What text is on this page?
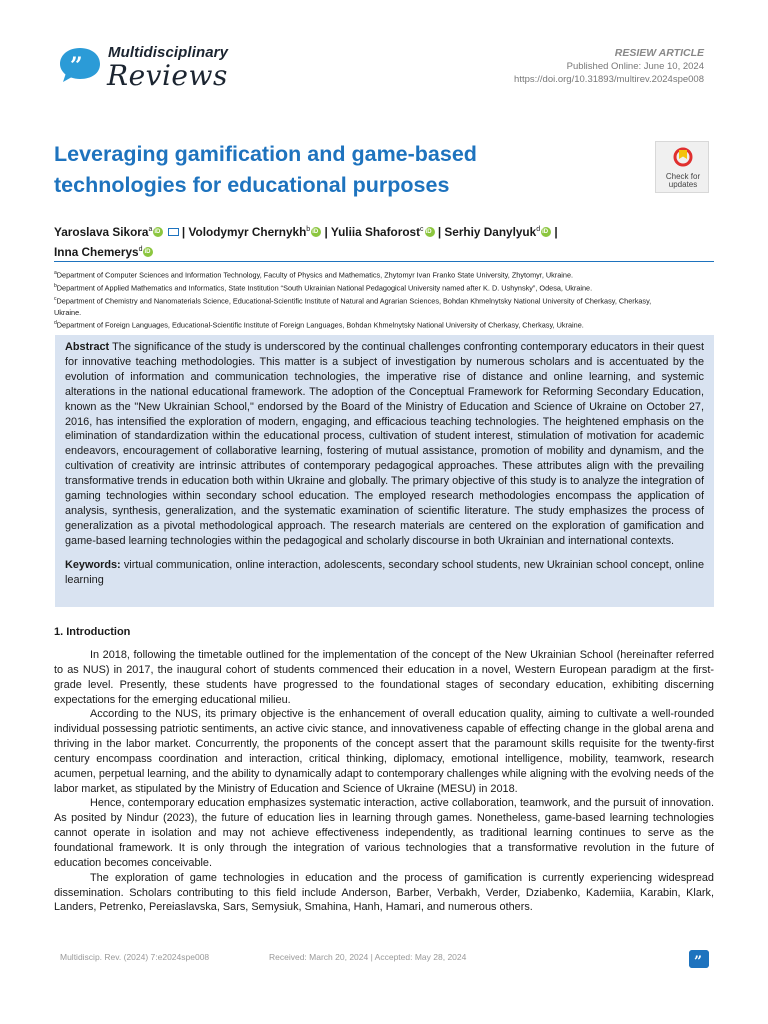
”
Multidisciplinary
Reviews
RESIEW ARTICLE
Published Online: June 10, 2024
https://doi.org/10.31893/multirev.2024spe008
Leveraging gamification and game-based technologies for educational purposes	Check for
updates
Yaroslava Sikora$^a$ iD	| Volodymyr Chernykh$^b$ iD | Yuliia Shaforost$^c$ iD | Serhiy Danylyuk$^d$ iD |
Inna Chemerys$^d$iD

$^a$Department of Computer Sciences and Information Technology, Faculty of Physics and Mathematics, Zhytomyr Ivan Franko State University, Zhytomyr, Ukraine.

$^b$Department of Applied Mathematics and Informatics, State Institution “South Ukrainian National Pedagogical University named after K. D. Ushynsky”, Odesa, Ukraine.

$^c$Department of Chemistry and Nanomaterials Science, Educational-Scientific Institute of Natural and Agrarian Sciences, Bohdan Khmelnytsky National University of Cherkasy, Cherkasy, Ukraine.

$^d$Department of Foreign Languages, Educational-Scientific Institute of Foreign Languages, Bohdan Khmelnytsky National University of Cherkasy, Cherkasy, Ukraine.

Abstract The significance of the study is underscored by the continual challenges confronting contemporary educators in their quest for innovative teaching methodologies. This matter is a subject of investigation by numerous scholars and is accentuated by the evolution of information and communication technologies, the imperative rise of distance and online learning, and systemic alterations in the national educational framework. The adoption of the Conceptual Framework for Reforming Secondary Education, known as the "New Ukrainian School," endorsed by the Board of the Ministry of Education and Science of Ukraine on October 27, 2016, has intensified the exploration of modern, engaging, and efficacious teaching technologies. The heightened emphasis on the elimination of standardization within the educational process, cultivation of student interest, stimulation of motivation for academic endeavors, encouragement of collaborative learning, fostering of mutual assistance, promotion of mobility and dynamism, and the cultivation of creativity are intrinsic attributes of contemporary pedagogical approaches. These attributes align with the prevailing transformative trends in education both within Ukraine and globally. The primary objective of this study is to analyze the integration of gaming technologies within secondary school education. The employed research methodologies encompass the application of analysis, synthesis, generalization, and the systematic examination of scientific literature. The study emphasizes the process of generalization as a pivotal methodological approach. The research materials are centered on the exploration of gamification and game-based learning technologies within the pedagogical and scholarly discourse in both Ukrainian and international contexts.

Keywords: virtual communication, online interaction, adolescents, secondary school students, new Ukrainian school concept, online learning

1. Introduction

In 2018, following the timetable outlined for the implementation of the concept of the New Ukrainian School (hereinafter referred to as NUS) in 2017, the inaugural cohort of students commenced their education in a novel, Western European paradigm at the first-grade level. Presently, these students have progressed to the foundational stages of secondary education, exhibiting discerning expectations for the emerging educational milieu.

According to the NUS, its primary objective is the enhancement of overall education quality, aiming to cultivate a well-rounded individual possessing patriotic sentiments, an active civic stance, and innovativeness capable of effecting change in the global arena and thriving in the labor market. Concurrently, the proponents of the concept assert that the paramount skills requisite for the twenty-first century encompass coordination and interaction, critical thinking, diplomacy, emotional intelligence, mobility, teamwork, research acumen, perpetual learning, and the ability to dynamically adapt to contemporary challenges while aligning with the evolving needs of the labor market, as stipulated by the Ministry of Education and Science of Ukraine (MESU) in 2018.

Hence, contemporary education emphasizes systematic interaction, active collaboration, teamwork, and the pursuit of innovation. As posited by Nindur (2023), the future of education lies in learning through games. Nonetheless, game-based learning technologies cannot operate in isolation and may not achieve effectiveness independently, as traditional learning continues to serve as the foundational framework. It is only through the integration of various technologies that a transformative revolution in the future of education becomes conceivable.

The exploration of game technologies in education and the process of gamification is currently experiencing widespread dissemination. Scholars contributing to this field include Anderson, Barber, Verbakh, Verder, Dziabenko, Kademiia, Karabin, Klark, Landers, Petrenko, Pereiaslavska, Sars, Semysiuk, Smahina, Hanh, Hamari, and numerous others.

Multidiscip. Rev. (2024) 7:e2024spe008	Received: March 20, 2024 | Accepted: May 28, 2024	”
